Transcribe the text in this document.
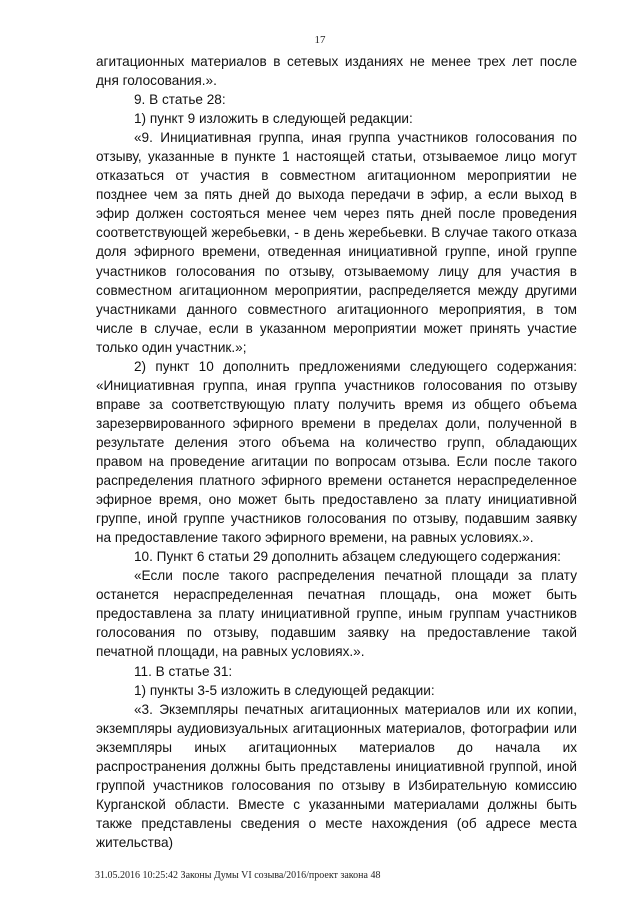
17

агитационных материалов в сетевых изданиях не менее трех лет после дня голосования.».

9. В статье 28:

1) пункт 9 изложить в следующей редакции:

«9. Инициативная группа, иная группа участников голосования по отзыву, указанные в пункте 1 настоящей статьи, отзываемое лицо могут отказаться от участия в совместном агитационном мероприятии не позднее чем за пять дней до выхода передачи в эфир, а если выход в эфир должен состояться менее чем через пять дней после проведения соответствующей жеребьевки, - в день жеребьевки. В случае такого отказа доля эфирного времени, отведенная инициативной группе, иной группе участников голосования по отзыву, отзываемому лицу для участия в совместном агитационном мероприятии, распределяется между другими участниками данного совместного агитационного мероприятия, в том числе в случае, если в указанном мероприятии может принять участие только один участник.»;

2) пункт 10 дополнить предложениями следующего содержания: «Инициативная группа, иная группа участников голосования по отзыву вправе за соответствующую плату получить время из общего объема зарезервированного эфирного времени в пределах доли, полученной в результате деления этого объема на количество групп, обладающих правом на проведение агитации по вопросам отзыва. Если после такого распределения платного эфирного времени останется нераспределенное эфирное время, оно может быть предоставлено за плату инициативной группе, иной группе участников голосования по отзыву, подавшим заявку на предоставление такого эфирного времени, на равных условиях.».

10. Пункт 6 статьи 29 дополнить абзацем следующего содержания:

«Если после такого распределения печатной площади за плату останется нераспределенная печатная площадь, она может быть предоставлена за плату инициативной группе, иным группам участников голосования по отзыву, подавшим заявку на предоставление такой печатной площади, на равных условиях.».

11. В статье 31:

1) пункты 3-5 изложить в следующей редакции:

«3. Экземпляры печатных агитационных материалов или их копии, экземпляры аудиовизуальных агитационных материалов, фотографии или экземпляры иных агитационных материалов до начала их распространения должны быть представлены инициативной группой, иной группой участников голосования по отзыву в Избирательную комиссию Курганской области. Вместе с указанными материалами должны быть также представлены сведения о месте нахождения (об адресе места жительства)

31.05.2016 10:25:42 Законы Думы VI созыва/2016/проект закона 48
